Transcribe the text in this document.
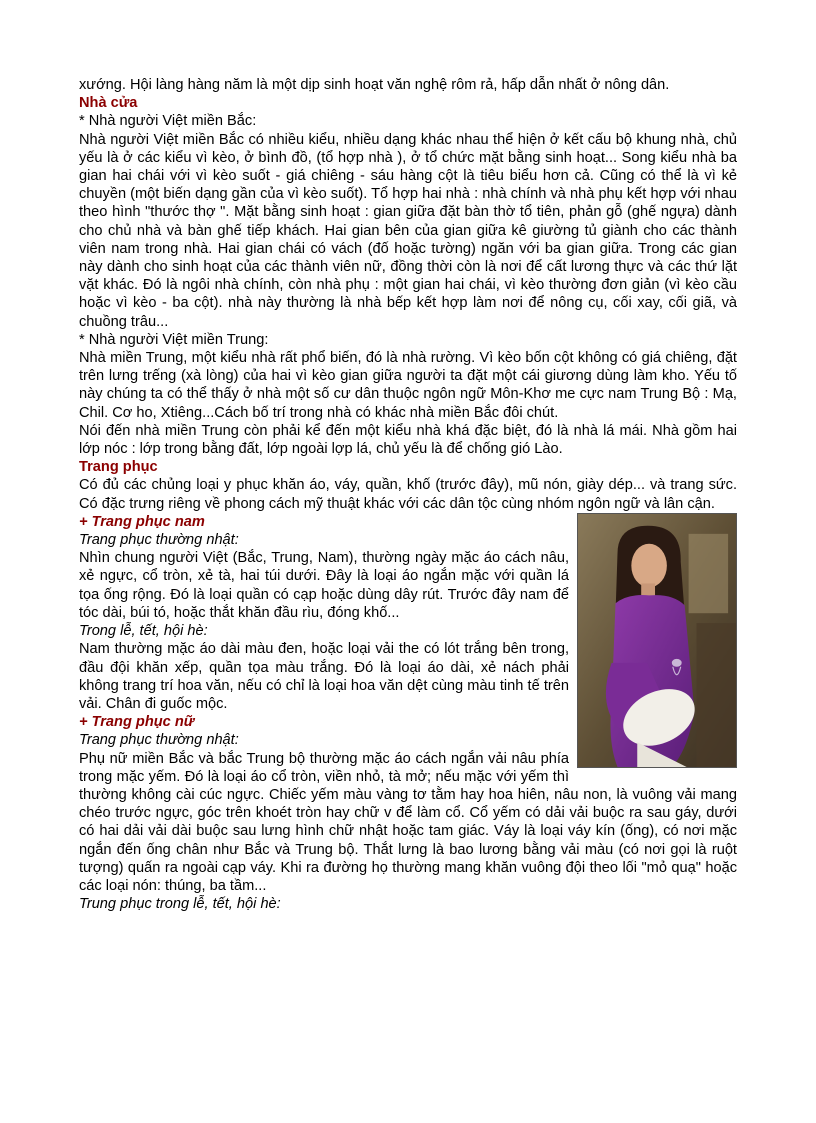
xướng. Hội làng hàng năm là một dịp sinh hoạt văn nghệ rôm rả, hấp dẫn nhất ở nông dân.

Nhà cửa

* Nhà người Việt miền Bắc:

Nhà người Việt miền Bắc có nhiều kiểu, nhiều dạng khác nhau thể hiện ở kết cấu bộ khung nhà, chủ yếu là ở các kiểu vì kèo, ở bình đồ, (tổ hợp nhà ), ở tổ chức mặt bằng sinh hoạt... Song kiểu nhà ba gian hai chái với vì kèo suốt - giá chiêng - sáu hàng cột là tiêu biểu hơn cả. Cũng có thể là vì kẻ chuyền (một biến dạng gần của vì kèo suốt). Tổ hợp hai nhà : nhà chính và nhà phụ kết hợp với nhau theo hình "thước thợ ". Mặt bằng sinh hoạt : gian giữa đặt bàn thờ tổ tiên, phản gỗ (ghế ngựa) dành cho chủ nhà và bàn ghế tiếp khách. Hai gian bên của gian giữa kê giường tủ giành cho các thành viên nam trong nhà. Hai gian chái có vách (đố hoặc tường) ngăn với ba gian giữa. Trong các gian này dành cho sinh hoạt của các thành viên nữ, đồng thời còn là nơi để cất lương thực và các thứ lặt vặt khác. Đó là ngôi nhà chính, còn nhà phụ : một gian hai chái, vì kèo thường đơn giản (vì kèo cầu hoặc vì kèo - ba cột). nhà này thường là nhà bếp kết hợp làm nơi để nông cụ, cối xay, cối giã, và chuồng trâu...

* Nhà người Việt miền Trung:

Nhà miền Trung, một kiểu nhà rất phổ biến, đó là nhà rường. Vì kèo bốn cột không có giá chiêng, đặt trên lưng trếng (xà lòng) của hai vì kèo gian giữa người ta đặt một cái giương dùng làm kho. Yếu tố này chúng ta có thể thấy ở nhà một số cư dân thuộc ngôn ngữ Môn-Khơ me cực nam Trung Bộ : Mạ, Chil. Cơ ho, Xtiêng...Cách bố trí trong nhà có khác nhà miền Bắc đôi chút.

Nói đến nhà miền Trung còn phải kể đến một kiểu nhà khá đặc biệt, đó là nhà lá mái. Nhà gồm hai lớp nóc : lớp trong bằng đất, lớp ngoài lợp lá, chủ yếu là để chống gió Lào.

Trang phục

Có đủ các chủng loại y phục khăn áo, váy, quần, khố (trước đây), mũ nón, giày dép... và trang sức. Có đặc trưng riêng về phong cách mỹ thuật khác với các dân tộc cùng nhóm ngôn ngữ và lân cận.

+ Trang phục nam

Trang phục thường nhật:

Nhìn chung người Việt (Bắc, Trung, Nam), thường ngày mặc áo cách nâu, xẻ ngực, cổ tròn, xẻ tà, hai túi dưới. Đây là loại áo ngắn mặc với quần lá tọa ống rộng. Đó là loại quần có cạp hoặc dùng dây rút. Trước đây nam để tóc dài, búi tó, hoặc thắt khăn đầu rìu, đóng khố...

Trong lễ, tết, hội hè:

Nam thường mặc áo dài màu đen, hoặc loại vải the có lót trắng bên trong, đầu đội khăn xếp, quần tọa màu trắng. Đó là loại áo dài, xẻ nách phải không trang trí hoa văn, nếu có chỉ là loại hoa văn dệt cùng màu tinh tế trên vải. Chân đi guốc mộc.

+ Trang phục nữ

Trang phục thường nhật:

Phụ nữ miền Bắc và bắc Trung bộ thường mặc áo cách ngắn vải nâu phía trong mặc yếm. Đó là loại áo cổ tròn, viền nhỏ, tà mở; nếu mặc với yếm thì thường không cài cúc ngực. Chiếc yếm màu vàng tơ tằm hay hoa hiên, nâu non, là vuông vải mang chéo trước ngực, góc trên khoét tròn hay chữ v để làm cổ. Cổ yếm có dải vải buộc ra sau gáy, dưới có hai dải vải dài buộc sau lưng hình chữ nhật hoặc tam giác. Váy là loại váy kín (ống), có nơi mặc ngắn đến ống chân như Bắc và Trung bộ. Thắt lưng là bao lương bằng vải màu (có nơi gọi là ruột tượng) quấn ra ngoài cạp váy. Khi ra đường họ thường mang khăn vuông đội theo lối "mỏ quạ" hoặc các loại nón: thúng, ba tầm...

Trung phục trong lễ, tết, hội hè:
